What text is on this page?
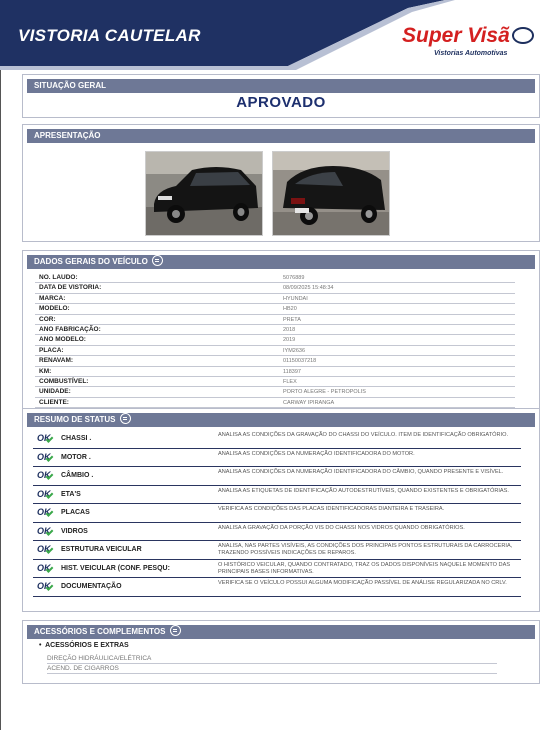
VISTORIA CAUTELAR	Super Visã
Vistorias Automotivas
SITUAÇÃO GERAL
APROVADO
APRESENTAÇÃO
DADOS GERAIS DO VEÍCULO
NO. LAUDO:	5076889
DATA DE VISTORIA:	08/09/2025 15:48:34
MARCA:	HYUNDAI
MODELO:	HB20
COR:	PRETA
ANO FABRICAÇÃO:	2018
ANO MODELO:	2019
PLACA:	IYM2636
RENAVAM:	01150037218
KM:	118397
COMBUSTÍVEL:	FLEX
UNIDADE:	PORTO ALEGRE - PETROPOLIS
CLIENTE:	CARWAY IPIRANGA
RESUMO DE STATUS
OK CHASSI .	ANALISA AS CONDIÇÕES DA GRAVAÇÃO DO CHASSI DO VEÍCULO. ITEM DE IDENTIFICAÇÃO OBRIGATÓRIO.
OK MOTOR .	ANALISA AS CONDIÇÕES DA NUMERAÇÃO IDENTIFICADORA DO MOTOR.
OK CÂMBIO .	ANALISA AS CONDIÇÕES DA NUMERAÇÃO IDENTIFICADORA DO CÂMBIO, QUANDO PRESENTE E VISÍVEL.
OK ETA'S	ANALISA AS ETIQUETAS DE IDENTIFICAÇÃO AUTODESTRUTÍVEIS, QUANDO EXISTENTES E OBRIGATÓRIAS.
OK PLACAS	VERIFICA AS CONDIÇÕES DAS PLACAS IDENTIFICADORAS DIANTEIRA E TRASEIRA.
OK VIDROS	ANALISA A GRAVAÇÃO DA PORÇÃO VIS DO CHASSI NOS VIDROS QUANDO OBRIGATÓRIOS.
OK ESTRUTURA VEICULAR	ANALISA, NAS PARTES VISÍVEIS, AS CONDIÇÕES DOS PRINCIPAIS PONTOS ESTRUTURAIS DA CARROCERIA, TRAZENDO POSSÍVEIS INDICAÇÕES DE REPAROS.
OK HIST. VEICULAR (CONF. PESQU:	O HISTÓRICO VEICULAR, QUANDO CONTRATADO, TRAZ OS DADOS DISPONÍVEIS NAQUELE MOMENTO DAS PRINCIPAIS BASES INFORMATIVAS.
OK DOCUMENTAÇÃO	VERIFICA SE O VEÍCULO POSSUI ALGUMA MODIFICAÇÃO PASSÍVEL DE ANÁLISE REGULARIZADA NO CRLV.
ACESSÓRIOS E COMPLEMENTOS
•  ACESSÓRIOS E EXTRAS
DIREÇÃO HIDRÁULICA/ELÉTRICA
ACEND. DE CIGARROS
